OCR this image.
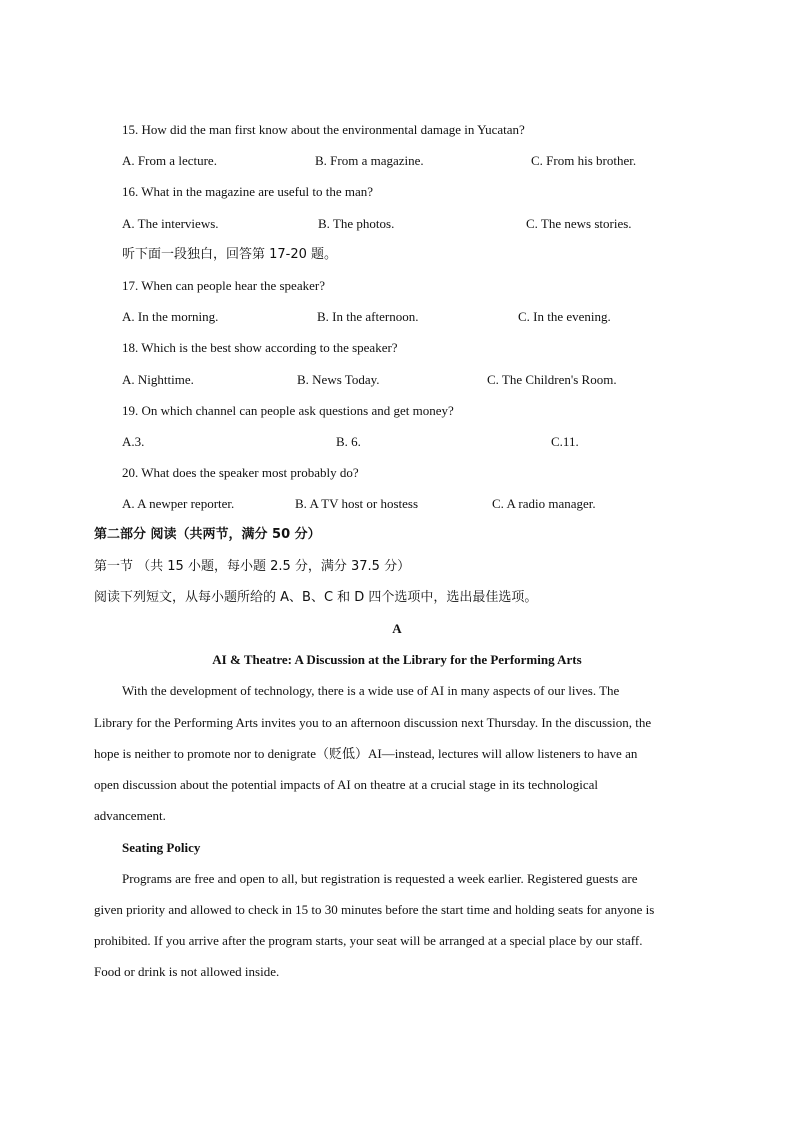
15. How did the man first know about the environmental damage in Yucatan?
A. From a lecture.	B. From a magazine.	C. From his brother.
16. What in the magazine are useful to the man?
A. The interviews.	B. The photos.	C. The news stories.
听下面一段独白，回答第 17-20 题。
17. When can people hear the speaker?
A. In the morning.	B. In the afternoon.	C. In the evening.
18. Which is the best show according to the speaker?
A. Nighttime.	B. News Today.	C. The Children's Room.
19. On which channel can people ask questions and get money?
A.3.	B. 6.	C.11.
20. What does the speaker most probably do?
A. A newper reporter.	B. A TV host or hostess	C. A radio manager.
第二部分 阅读（共两节，满分 50 分）
第一节 （共 15 小题，每小题 2.5 分，满分 37.5 分）
阅读下列短文，从每小题所给的 A、B、C 和 D 四个选项中，选出最佳选项。
A
AI & Theatre: A Discussion at the Library for the Performing Arts
With the development of technology, there is a wide use of AI in many aspects of our lives. The
Library for the Performing Arts invites you to an afternoon discussion next Thursday. In the discussion, the
hope is neither to promote nor to denigrate（贬低）AI—instead, lectures will allow listeners to have an
open discussion about the potential impacts of AI on theatre at a crucial stage in its technological
advancement.
Seating Policy
Programs are free and open to all, but registration is requested a week earlier. Registered guests are
given priority and allowed to check in 15 to 30 minutes before the start time and holding seats for anyone is
prohibited. If you arrive after the program starts, your seat will be arranged at a special place by our staff.
Food or drink is not allowed inside.
